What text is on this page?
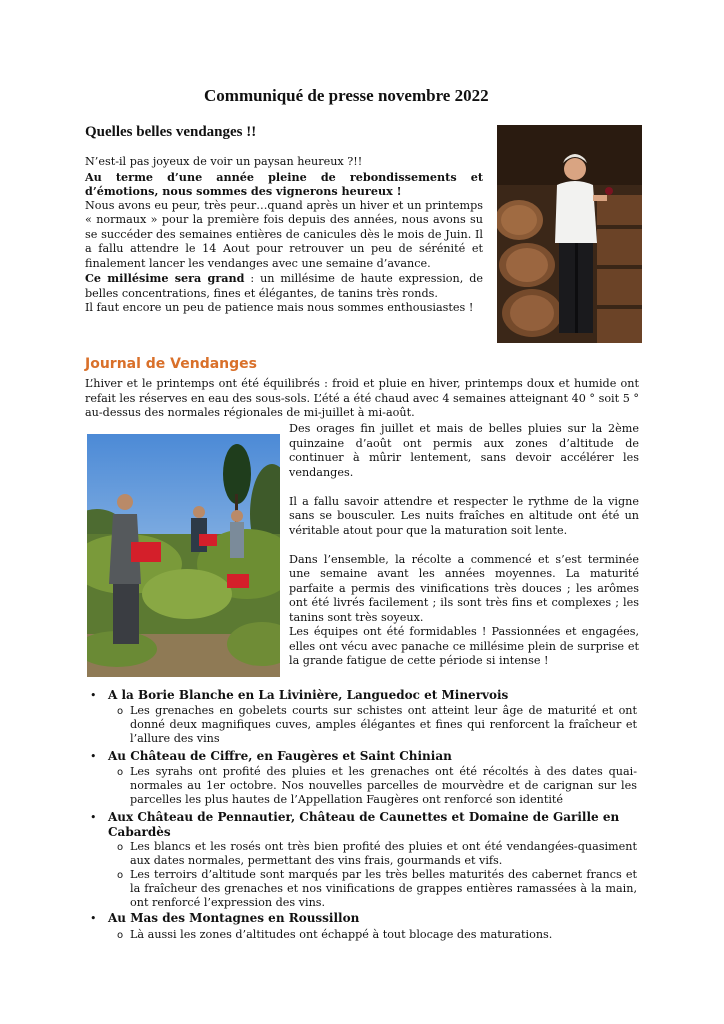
Communiqué de presse novembre 2022
Quelles belles vendanges !!

N’est-il pas joyeux de voir un paysan heureux ?!!

Au terme d’une année pleine de rebondissements et d’émotions, nous sommes des vignerons heureux !

Nous avons eu peur, très peur…quand après un hiver et un printemps « normaux » pour la première fois depuis des années, nous avons su se succéder des semaines entières de canicules dès le mois de Juin. Il a fallu attendre le 14 Aout pour retrouver un peu de sérénité et finalement lancer les vendanges avec une semaine d’avance.

Ce millésime sera grand : un millésime de haute expression, de belles concentrations, fines et élégantes, de tanins très ronds.

Il faut encore un peu de patience mais nous sommes enthousiastes !

Journal de Vendanges
L’hiver et le printemps ont été équilibrés : froid et pluie en hiver, printemps doux et humide ont refait les réserves en eau des sous-sols. L’été a été chaud avec 4 semaines atteignant 40 ° soit 5 ° au-dessus des normales régionales de mi-juillet à mi-août.

Des orages fin juillet et mais de belles pluies sur la 2ème quinzaine d’août ont permis aux zones d’altitude de continuer à mûrir lentement, sans devoir accélérer les vendanges.

Il a fallu savoir attendre et respecter le rythme de la vigne sans se bousculer. Les nuits fraîches en altitude ont été un véritable atout pour que la maturation soit lente.

Dans l’ensemble, la récolte a commencé et s’est terminée une semaine avant les années moyennes. La maturité parfaite a permis des vinifications très douces ; les arômes ont été livrés facilement ; ils sont très fins et complexes ; les tanins sont très soyeux.

Les équipes ont été formidables ! Passionnées et engagées, elles ont vécu avec panache ce millésime plein de surprise et la grande fatigue de cette période si intense !

• A la Borie Blanche en La Livinière, Languedoc et Minervois
o Les grenaches en gobelets courts sur schistes ont atteint leur âge de maturité et ont donné deux magnifiques cuves, amples élégantes et fines qui renforcent la fraîcheur et l’allure des vins
• Au Château de Ciffre, en Faugères et Saint Chinian
o Les syrahs ont profité des pluies et les grenaches ont été récoltés à des dates quai-normales au 1er octobre. Nos nouvelles parcelles de mourvèdre et de carignan sur les parcelles les plus hautes de l’Appellation Faugères ont renforcé son identité
• Aux Château de Pennautier, Château de Caunettes et Domaine de Garille en
Cabardès
o Les blancs et les rosés ont très bien profité des pluies et ont été vendangées-quasiment aux dates normales, permettant des vins frais, gourmands et vifs.
o Les terroirs d’altitude sont marqués par les très belles maturités des cabernet francs et la fraîcheur des grenaches et nos vinifications de grappes entières ramassées à la main, ont renforcé l’expression des vins.
• Au Mas des Montagnes en Roussillon
o Là aussi les zones d’altitudes ont échappé à tout blocage des maturations.
